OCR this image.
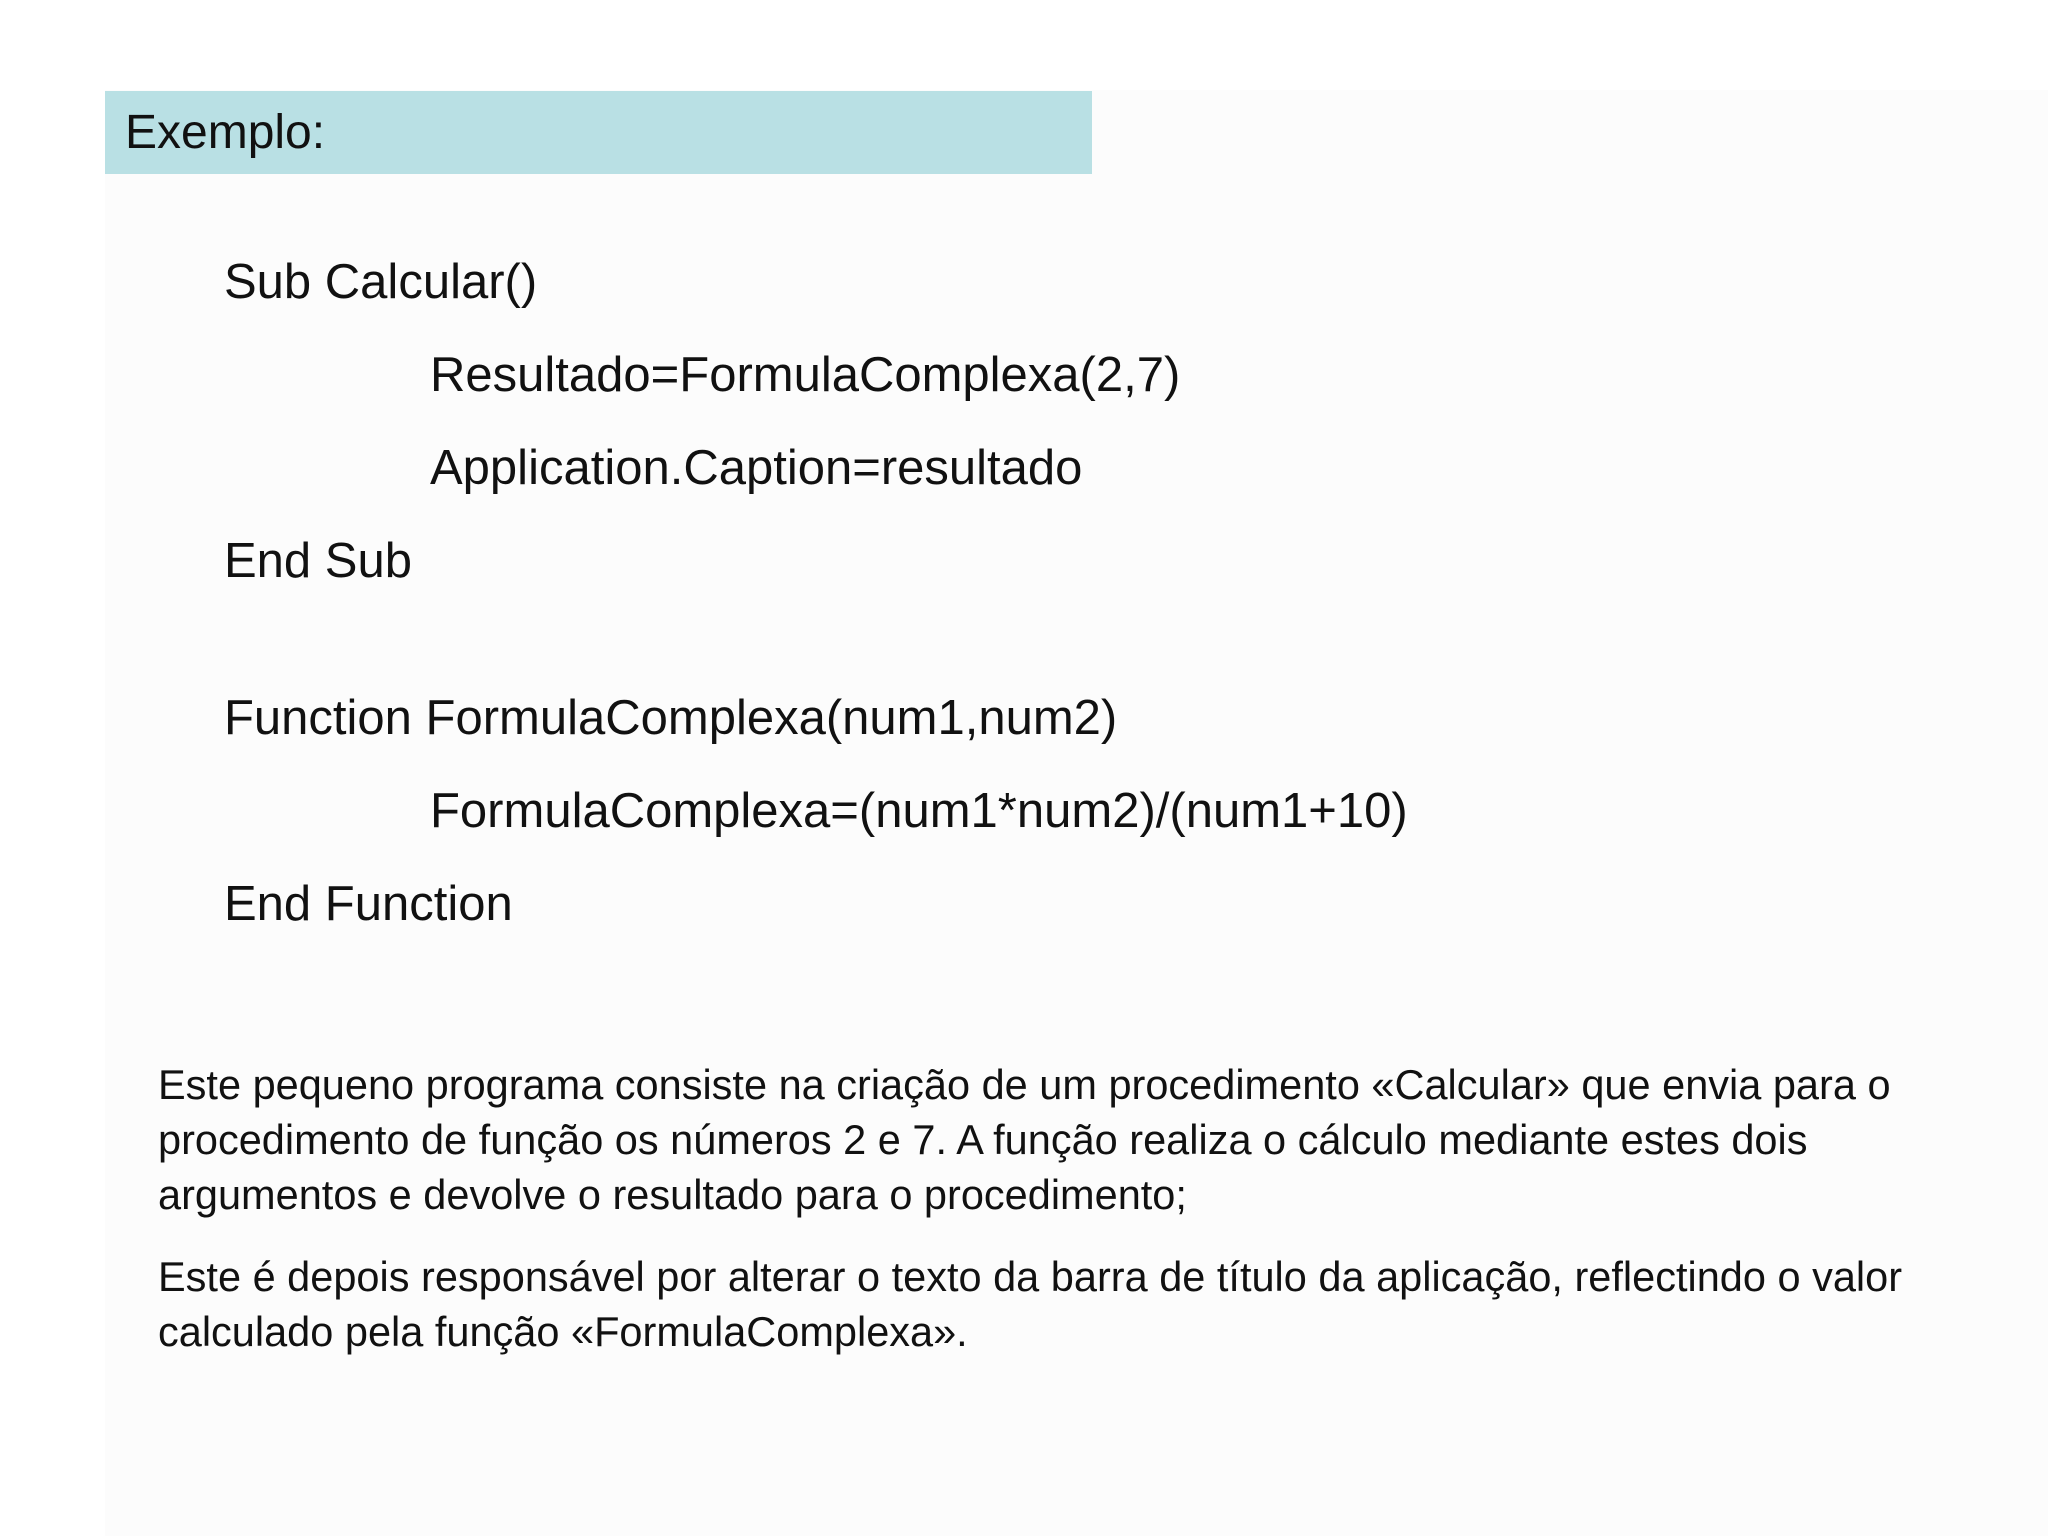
Exemplo:
Sub Calcular()
Resultado=FormulaComplexa(2,7)
Application.Caption=resultado
End Sub
Function FormulaComplexa(num1,num2)
FormulaComplexa=(num1*num2)/(num1+10)
End Function

Este pequeno programa consiste na criação de um procedimento «Calcular» que envia para o procedimento de função os números 2 e 7. A função realiza o cálculo mediante estes dois argumentos e devolve o resultado para o procedimento;

Este é depois responsável por alterar o texto da barra de título da aplicação, reflectindo o valor calculado pela função «FormulaComplexa».
